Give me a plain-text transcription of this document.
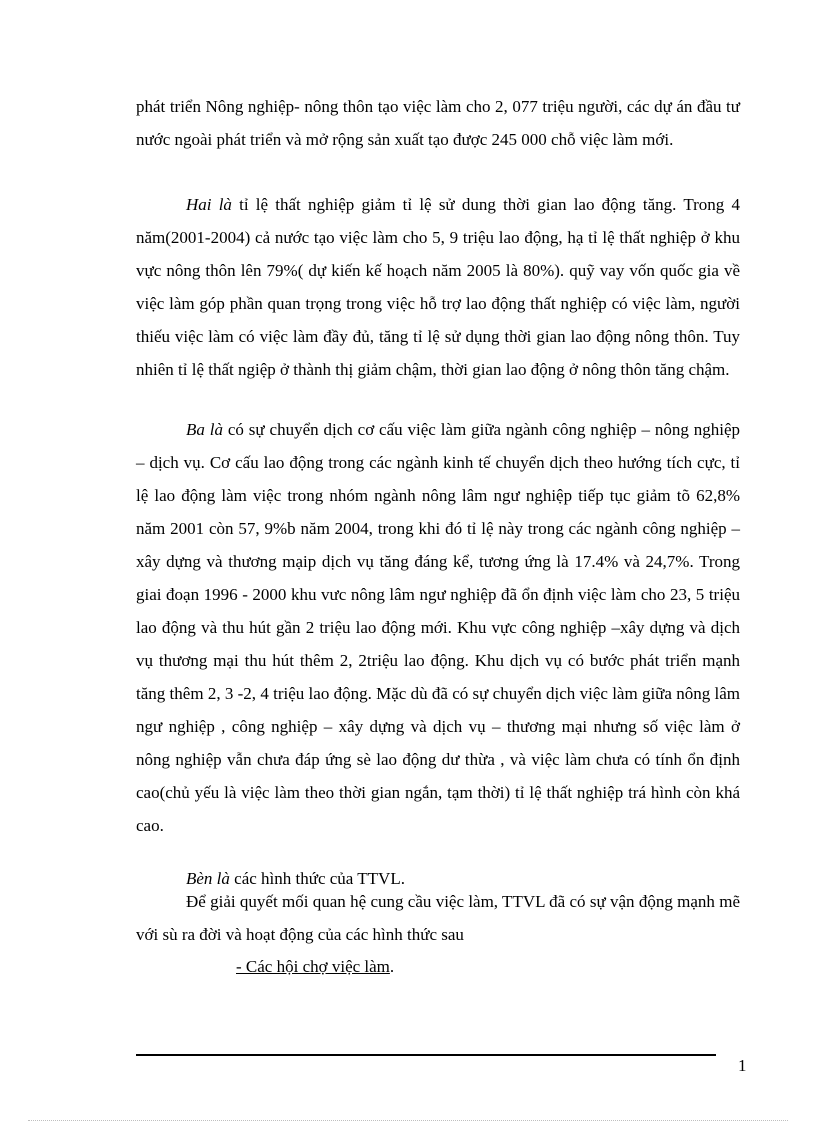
phát triển Nông nghiệp- nông thôn tạo việc làm cho 2, 077 triệu người, các dự án đầu tư nước ngoài phát triển và mở rộng sản xuất tạo được 245 000 chỗ việc làm mới.

Hai là tỉ lệ thất nghiệp giảm tỉ lệ sử dung thời gian lao động tăng. Trong 4 năm(2001-2004) cả nước tạo việc làm cho 5, 9 triệu lao động, hạ tỉ lệ thất nghiệp ở khu vực nông thôn lên 79%( dự kiến kế hoạch năm 2005 là 80%). quỹ vay vốn quốc gia về việc làm góp phần quan trọng trong việc hỗ trợ lao động thất nghiệp có việc làm, người thiếu việc làm có việc làm đầy đủ, tăng tỉ lệ sử dụng thời gian lao động nông thôn. Tuy nhiên tỉ lệ thất ngiệp ở thành thị giảm chậm, thời gian lao động ở nông thôn tăng chậm.

Ba là có sự chuyển dịch cơ cấu việc làm giữa ngành công nghiệp – nông nghiệp – dịch vụ. Cơ cấu lao động trong các ngành kinh tế chuyển dịch theo hướng tích cực, tỉ lệ lao động làm việc trong nhóm ngành nông lâm ngư nghiệp tiếp tục giảm tõ 62,8% năm 2001 còn 57, 9%b năm 2004, trong khi đó tỉ lệ này trong các ngành công nghiệp –xây dựng và thương mạip dịch vụ tăng đáng kể, tương ứng là 17.4% và 24,7%. Trong giai đoạn 1996 - 2000 khu vưc nông lâm ngư nghiệp đã ổn định việc làm cho 23, 5 triệu lao động và thu hút gần 2 triệu lao động mới. Khu vực công nghiệp –xây dựng và dịch vụ thương mại thu hút thêm 2, 2triệu lao động. Khu dịch vụ có bước phát triển mạnh tăng thêm 2, 3 -2, 4 triệu lao động. Mặc dù đã có sự chuyển dịch việc làm giữa nông lâm ngư nghiệp , công nghiệp – xây dựng và dịch vụ – thương mại nhưng số việc làm ở nông nghiệp vẫn chưa đáp ứng sè lao động dư thừa , và việc làm chưa có tính ổn định cao(chủ yếu là việc làm theo thời gian ngắn, tạm thời) tỉ lệ thất nghiệp trá hình còn khá cao.

Bèn là các hình thức của TTVL.

Để giải quyết mối quan hệ cung cầu việc làm, TTVL đã có sự vận động mạnh mẽ với sù ra đời và hoạt động của các hình thức sau

- Các hội chợ việc làm.
1
